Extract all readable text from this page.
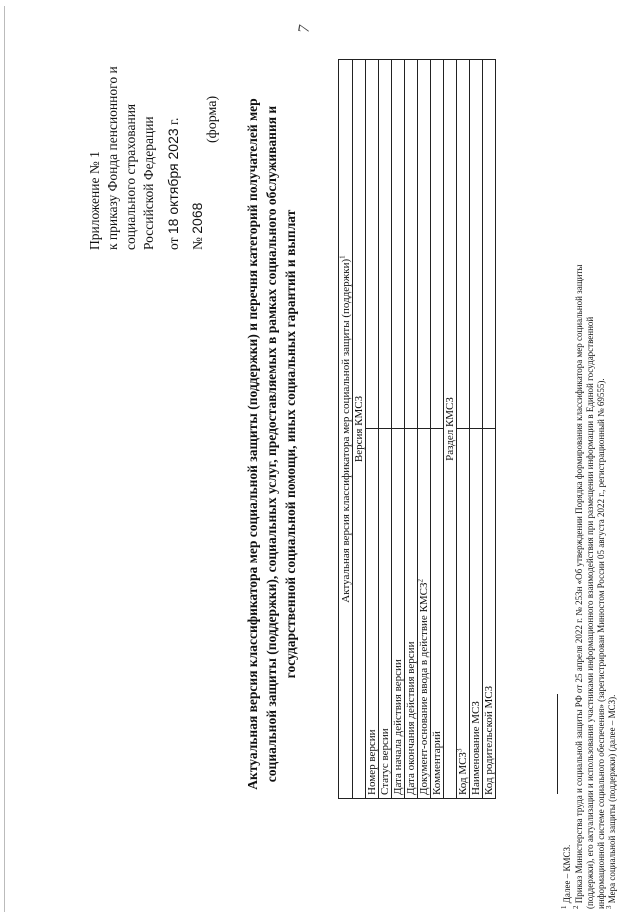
Приложение № 1 к приказу Фонда пенсионного и социального страхования Российской Федерации от 18 октября 2023 г.
№ 2068
(форма) Актуальная версия классификатора мер социальной защиты (поддержки) и перечня категорий получателей мер социальной защиты (поддержки), социальных услуг, предоставляемых в рамках социального обслуживания и государственной социальной помощи, иных социальных гарантий и выплат	Актуальная версия классификатора мер социальной защиты (поддержки)$^1$
Версия КМСЗ	
Номер версии	
Статус версии	
Дата начала действия версии	
Дата окончания действия версии	
Документ-основание ввода в действие КМСЗ$^2$	
Комментарий	
Раздел КМСЗ	
Код МСЗ$^3$	
Наименование МСЗ	
Код родительской МСЗ	
$^1$ Далее – КМСЗ.
$^2$ Приказ Министерства труда и социальной защиты РФ от 25 апреля 2022 г. № 253н «Об утверждении Порядка формирования классификатора мер социальной защиты (поддержки), его актуализации и использования участниками информационного взаимодействия при размещении информации в Единой государственной информационной системе социального обеспечения» (зарегистрирован Минюстом России 05 августа 2022 г., регистрационный № 69555). $^3$ Мера социальной защиты (поддержки) (далее – МСЗ).
7
